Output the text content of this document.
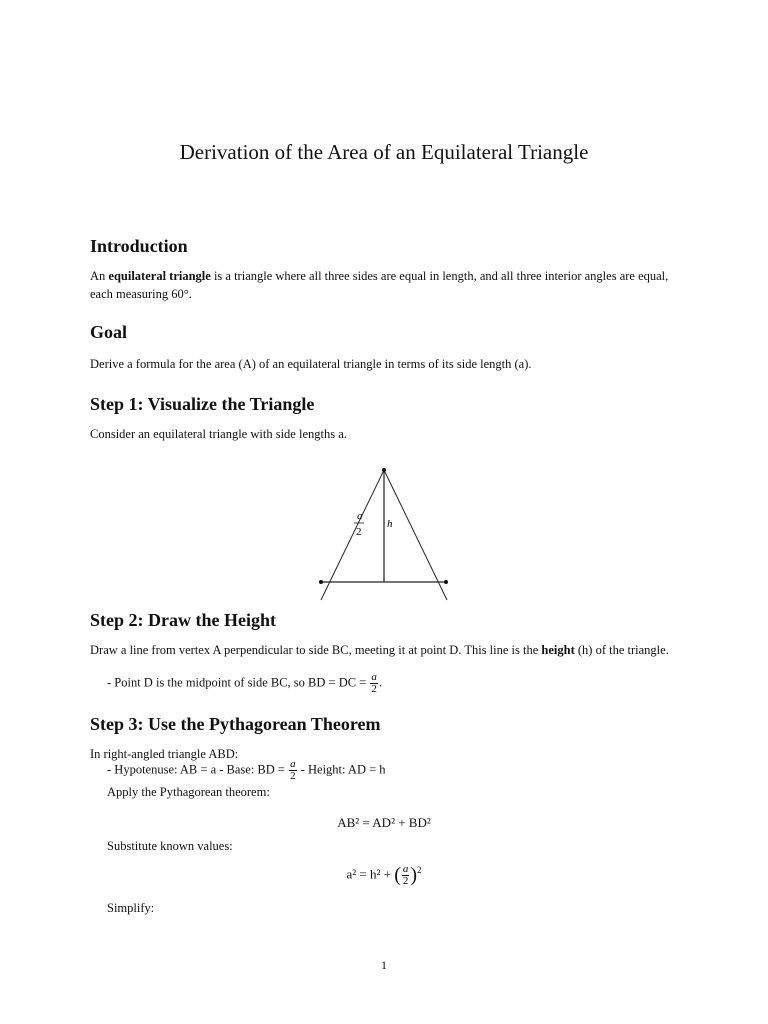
Derivation of the Area of an Equilateral Triangle
Introduction
An equilateral triangle is a triangle where all three sides are equal in length, and all three interior angles are equal, each measuring 60°.
Goal
Derive a formula for the area (A) of an equilateral triangle in terms of its side length (a).
Step 1: Visualize the Triangle
Consider an equilateral triangle with side lengths a.
a
2
h
Step 2: Draw the Height
Draw a line from vertex A perpendicular to side BC, meeting it at point D. This line is the height (h) of the triangle.
- Point D is the midpoint of side BC, so BD = DC = $\frac{a}{2}$ .
Step 3: Use the Pythagorean Theorem
In right-angled triangle ABD:
- Hypotenuse: AB = a - Base: BD = $\frac{a}{2}$ - Height: AD = h
Apply the Pythagorean theorem:
AB² = AD² + BD²
Substitute known values:
a² = h² + ( $\frac{a}{2} )^2$
Simplify:
1
